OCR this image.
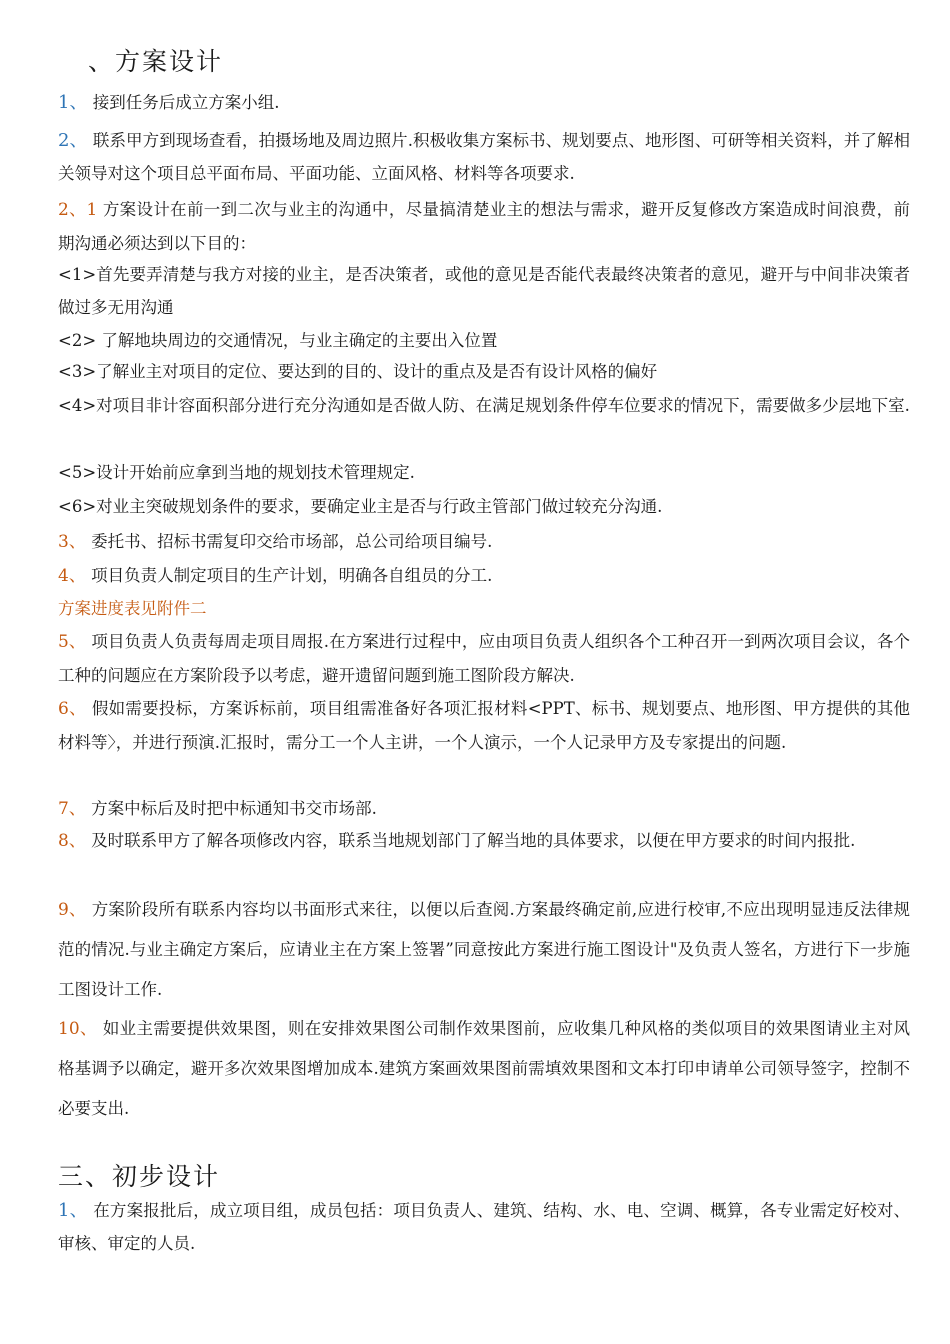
、方案设计
1、 接到任务后成立方案小组.
2、 联系甲方到现场查看，拍摄场地及周边照片.积极收集方案标书、规划要点、地形图、可研等相关资料，并了解相关领导对这个项目总平面布局、平面功能、立面风格、材料等各项要求.
2、1 方案设计在前一到二次与业主的沟通中，尽量搞清楚业主的想法与需求，避开反复修改方案造成时间浪费，前期沟通必须达到以下目的：
<1>首先要弄清楚与我方对接的业主，是否决策者，或他的意见是否能代表最终决策者的意见，避开与中间非决策者做过多无用沟通
<2> 了解地块周边的交通情况，与业主确定的主要出入位置
<3>了解业主对项目的定位、要达到的目的、设计的重点及是否有设计风格的偏好
<4>对项目非计容面积部分进行充分沟通如是否做人防、在满足规划条件停车位要求的情况下，需要做多少层地下室.
<5>设计开始前应拿到当地的规划技术管理规定.
<6>对业主突破规划条件的要求，要确定业主是否与行政主管部门做过较充分沟通.
3、 委托书、招标书需复印交给市场部，总公司给项目编号.
4、 项目负责人制定项目的生产计划，明确各自组员的分工.
方案进度表见附件二
5、 项目负责人负责每周走项目周报.在方案进行过程中，应由项目负责人组织各个工种召开一到两次项目会议，各个工种的问题应在方案阶段予以考虑，避开遗留问题到施工图阶段方解决.
6、 假如需要投标，方案诉标前，项目组需准备好各项汇报材料<PPT、标书、规划要点、地形图、甲方提供的其他材料等〉，并进行预演.汇报时，需分工一个人主讲，一个人演示，一个人记录甲方及专家提出的问题.
7、 方案中标后及时把中标通知书交市场部.
8、 及时联系甲方了解各项修改内容，联系当地规划部门了解当地的具体要求，以便在甲方要求的时间内报批.
9、 方案阶段所有联系内容均以书面形式来往，以便以后查阅.方案最终确定前,应进行校审,不应出现明显违反法律规范的情况.与业主确定方案后，应请业主在方案上签署”同意按此方案进行施工图设计"及负责人签名，方进行下一步施工图设计工作.
10、 如业主需要提供效果图，则在安排效果图公司制作效果图前，应收集几种风格的类似项目的效果图请业主对风格基调予以确定，避开多次效果图增加成本.建筑方案画效果图前需填效果图和文本打印申请单公司领导签字，控制不必要支出.
三、初步设计
1、 在方案报批后，成立项目组，成员包括：项目负责人、建筑、结构、水、电、空调、概算，各专业需定好校对、审核、审定的人员.
